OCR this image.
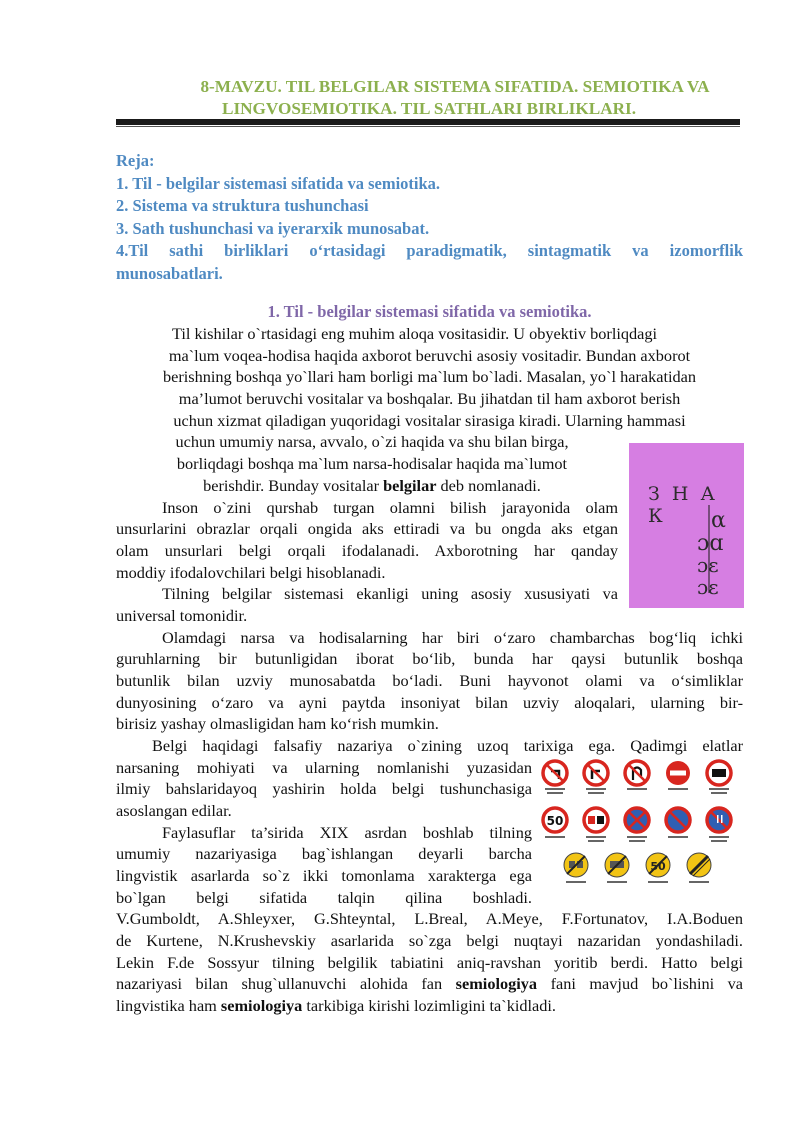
8-MAVZU. TIL BELGILAR SISTEMA SIFATIDA. SEMIOTIKA VA
LINGVOSEMIOTIKA. TIL SATHLARI BIRLIKLARI.
Reja:
1. Til - belgilar sistemasi sifatida va semiotika.
2. Sistema va struktura tushunchasi
3. Sath tushunchasi va iyerarxik munosabat.
4.Til sathi birliklari o‘rtasidagi paradigmatik, sintagmatik va izomorflik
munosabatlari.
1. Til - belgilar sistemasi sifatida va semiotika.
Til kishilar o`rtasidagi eng muhim aloqa vositasidir. U obyektiv borliqdagi
ma`lum voqea-hodisa haqida axborot beruvchi asosiy vositadir. Bundan axborot
berishning boshqa yo`llari ham borligi ma`lum bo`ladi. Masalan, yo`l harakatidan
ma’lumot beruvchi vositalar va boshqalar. Bu jihatdan til ham axborot berish
uchun xizmat qiladigan yuqoridagi vositalar sirasiga kiradi. Ularning hammasi
uchun umumiy narsa, avvalo, o`zi haqida va shu bilan birga,
borliqdagi boshqa ma`lum narsa-hodisalar haqida ma`lumot
berishdir. Bunday vositalar belgilar deb nomlanadi.
Inson o`zini qurshab turgan olamni bilish jarayonida olam
unsurlarini obrazlar orqali ongida aks ettiradi va bu ongda aks etgan
olam unsurlari belgi orqali ifodalanadi. Axborotning har qanday
moddiy ifodalovchilari belgi hisoblanadi.
Tilning belgilar sistemasi ekanligi uning asosiy xususiyati va
universal tomonidir.
Olamdagi narsa va hodisalarning har biri o‘zaro chambarchas bog‘liq ichki
guruhlarning bir butunligidan iborat bo‘lib, bunda har qaysi butunlik boshqa
butunlik bilan uzviy munosabatda bo‘ladi. Buni hayvonot olami va o‘simliklar
dunyosining o‘zaro va ayni paytda insoniyat bilan uzviy aloqalari, ularning bir-
birisiz yashay olmasligidan ham ko‘rish mumkin.
Belgi haqidagi falsafiy nazariya o`zining uzoq tarixiga ega. Qadimgi elatlar
narsaning mohiyati va ularning nomlanishi yuzasidan
ilmiy bahslaridayoq yashirin holda belgi tushunchasiga
asoslangan edilar.
Faylasuflar ta’sirida XIX asrdan boshlab tilning
umumiy nazariyasiga bag`ishlangan deyarli barcha
lingvistik asarlarda so`z ikki tomonlama xarakterga ega
bo`lgan belgi sifatida talqin qilina boshladi.
V.Gumboldt, A.Shleyxer, G.Shteyntal, L.Breal, A.Meye, F.Fortunatov, I.A.Boduen
de Kurtene, N.Krushevskiy asarlarida so`zga belgi nuqtayi nazaridan yondashiladi.
Lekin F.de Sossyur tilning belgilik tabiatini aniq-ravshan yoritib berdi. Hatto belgi
nazariyasi bilan shug`ullanuvchi alohida fan semiologiya fani mavjud bo`lishini va
lingvistika ham semiologiya tarkibiga kirishi lozimligini ta`kidladi.
З Н А К	α
ɔɑ
ɔɛ
ɔɛ
50
50
